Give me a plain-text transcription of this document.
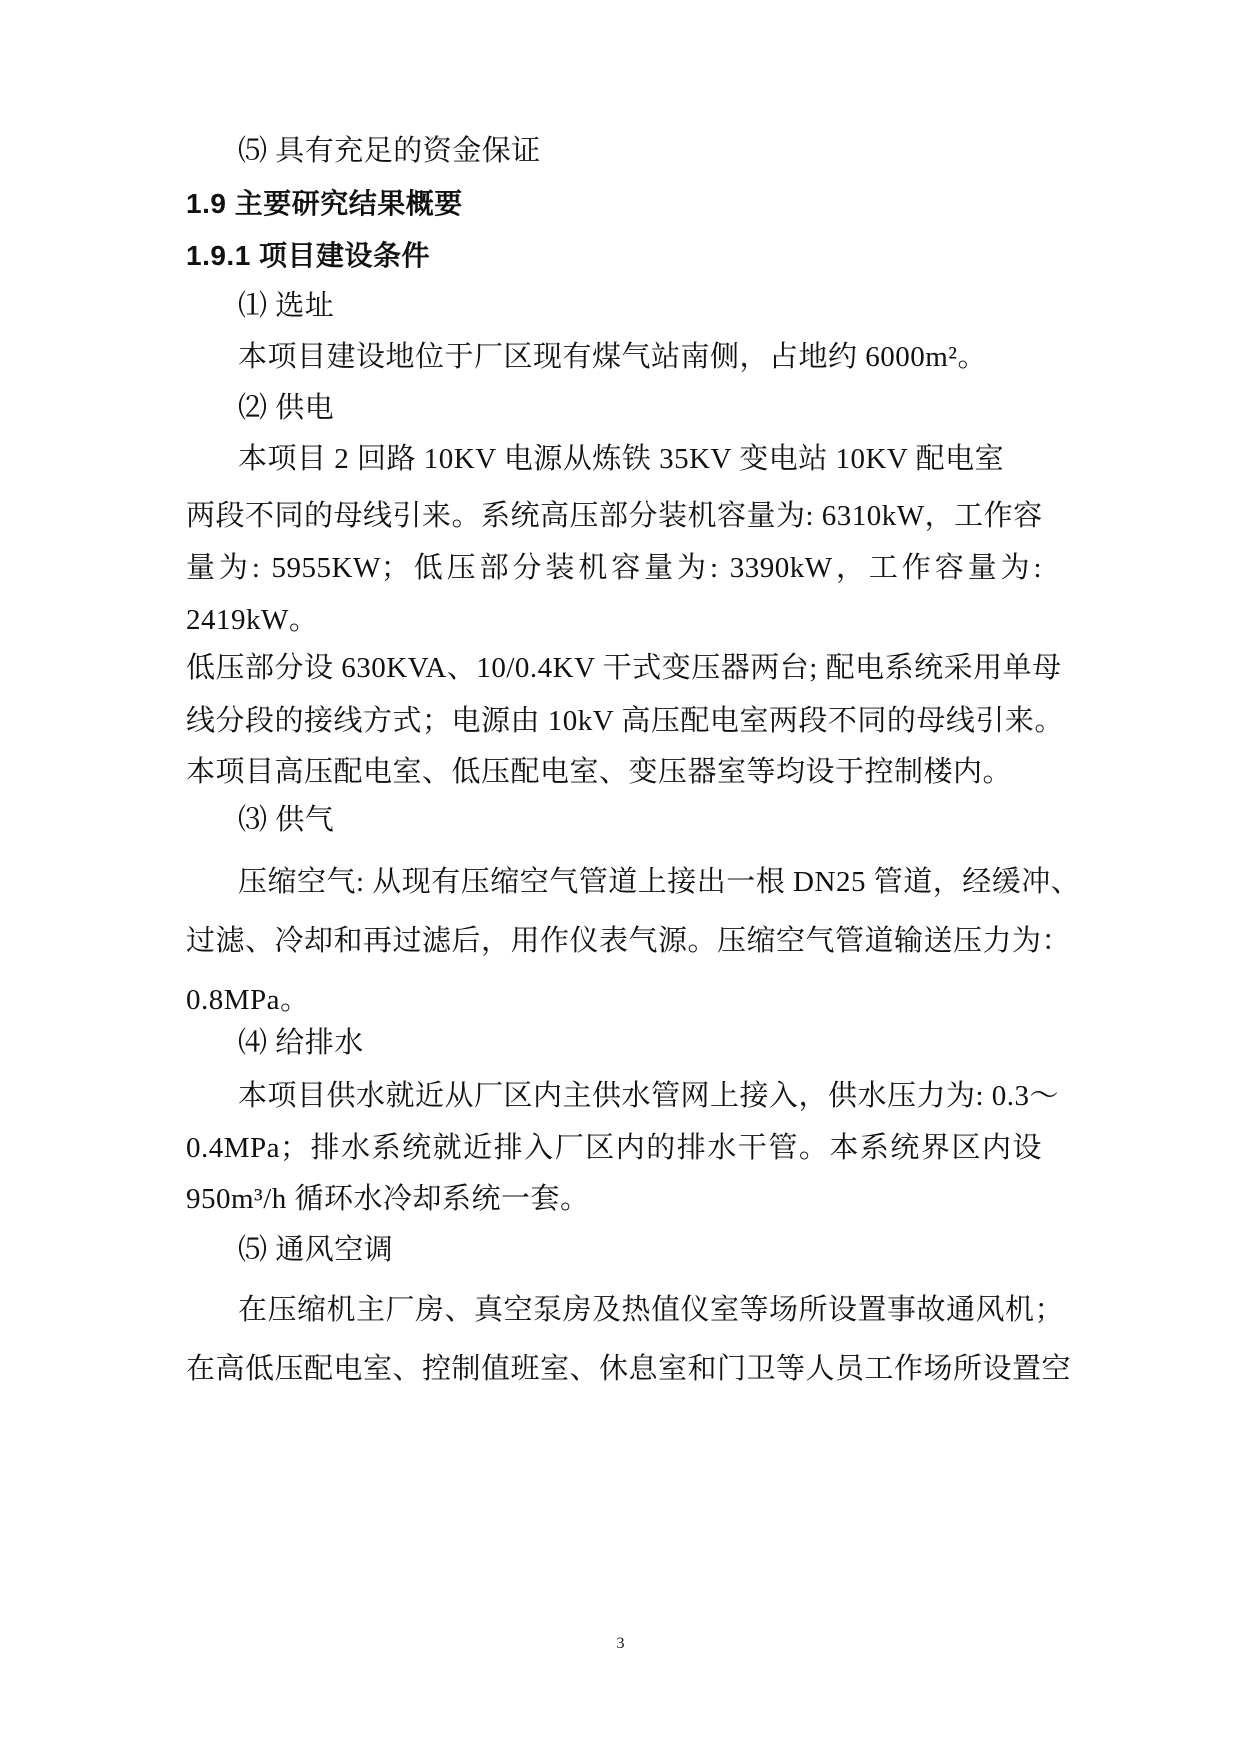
⑸ 具有充足的资金保证
1.9 主要研究结果概要
1.9.1 项目建设条件
⑴ 选址
本项目建设地位于厂区现有煤气站南侧，占地约 6000m²。
⑵ 供电
本项目 2 回路 10KV 电源从炼铁 35KV 变电站 10KV 配电室
两段不同的母线引来。系统高压部分装机容量为: 6310kW，工作容
量为: 5955KW；低压部分装机容量为: 3390kW，工作容量为:
2419kW。
低压部分设 630KVA、10/0.4KV 干式变压器两台; 配电系统采用单母
线分段的接线方式；电源由 10kV 高压配电室两段不同的母线引来。
本项目高压配电室、低压配电室、变压器室等均设于控制楼内。
⑶ 供气
压缩空气: 从现有压缩空气管道上接出一根 DN25 管道，经缓冲、
过滤、冷却和再过滤后，用作仪表气源。压缩空气管道输送压力为：
0.8MPa。
⑷ 给排水
本项目供水就近从厂区内主供水管网上接入，供水压力为: 0.3～
0.4MPa；排水系统就近排入厂区内的排水干管。本系统界区内设
950m³/h 循环水冷却系统一套。
⑸ 通风空调
在压缩机主厂房、真空泵房及热值仪室等场所设置事故通风机；
在高低压配电室、控制值班室、休息室和门卫等人员工作场所设置空
3
